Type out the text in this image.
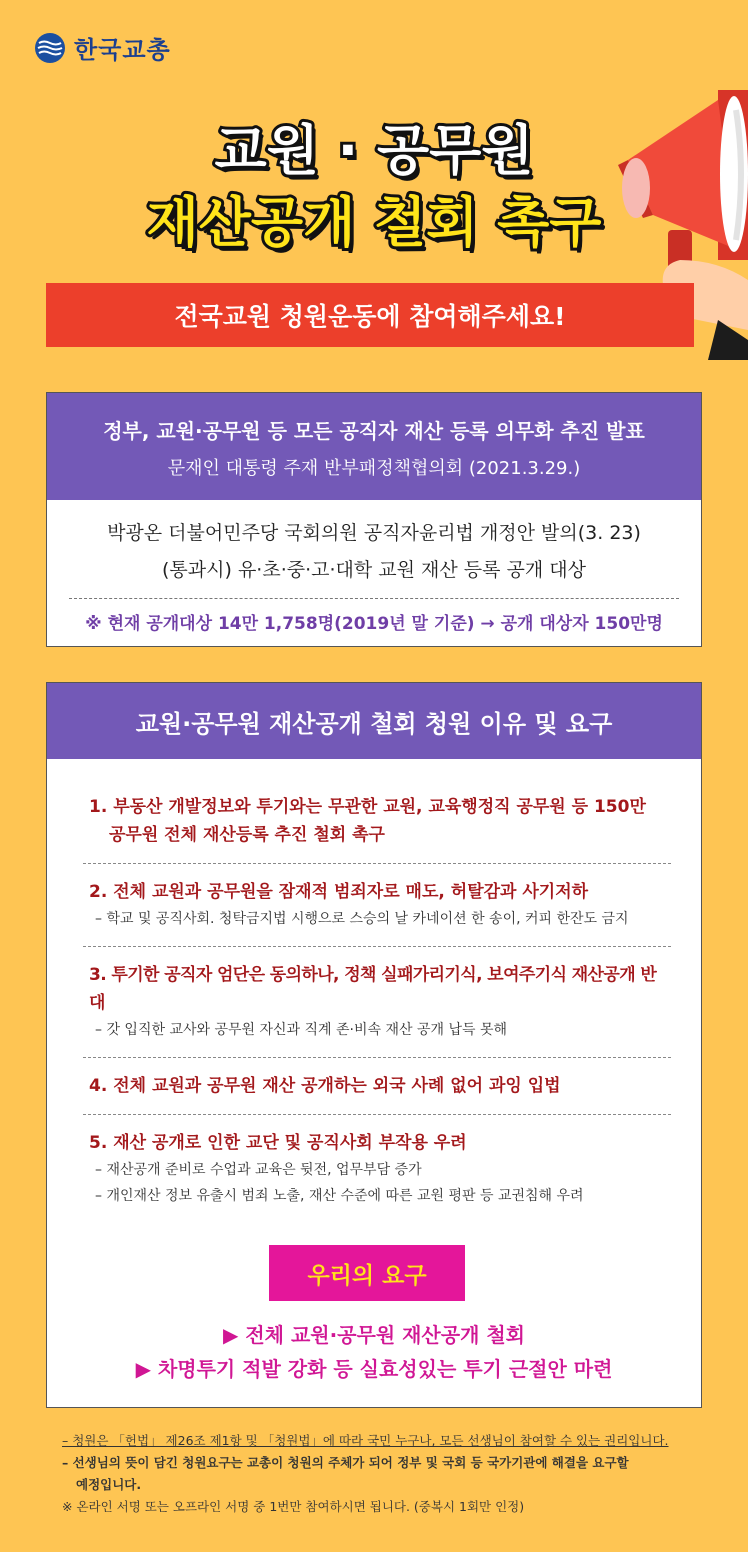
한국교총
교원 · 공무원
재산공개 철회 촉구
전국교원 청원운동에 참여해주세요!
정부, 교원·공무원 등 모든 공직자 재산 등록 의무화 추진 발표
문재인 대통령 주재 반부패정책협의회 (2021.3.29.)
박광온 더불어민주당 국회의원 공직자윤리법 개정안 발의(3. 23)
(통과시) 유·초·중·고·대학 교원 재산 등록 공개 대상
※ 현재 공개대상 14만 1,758명(2019년 말 기준) → 공개 대상자 150만명
교원·공무원 재산공개 철회 청원 이유 및 요구
1. 부동산 개발정보와 투기와는 무관한 교원, 교육행정직 공무원 등 150만
공무원 전체 재산등록 추진 철회 촉구
2. 전체 교원과 공무원을 잠재적 범죄자로 매도, 허탈감과 사기저하
– 학교 및 공직사회. 청탁금지법 시행으로 스승의 날 카네이션 한 송이, 커피 한잔도 금지
3. 투기한 공직자 엄단은 동의하나, 정책 실패가리기식, 보여주기식 재산공개 반대
– 갓 입직한 교사와 공무원 자신과 직계 존·비속 재산 공개 납득 못해
4. 전체 교원과 공무원 재산 공개하는 외국 사례 없어 과잉 입법
5. 재산 공개로 인한 교단 및 공직사회 부작용 우려
– 재산공개 준비로 수업과 교육은 뒷전, 업무부담 증가
– 개인재산 정보 유출시 범죄 노출, 재산 수준에 따른 교원 평판 등 교권침해 우려
우리의 요구
▶ 전체 교원·공무원 재산공개 철회
▶ 차명투기 적발 강화 등 실효성있는 투기 근절안 마련
– 청원은 「헌법」 제26조 제1항 및 「청원법」에 따라 국민 누구나, 모든 선생님이 참여할 수 있는 권리입니다.
– 선생님의 뜻이 담긴 청원요구는 교총이 청원의 주체가 되어 정부 및 국회 등 국가기관에 해결을 요구할
예정입니다.
※ 온라인 서명 또는 오프라인 서명 중 1번만 참여하시면 됩니다. (중복시 1회만 인정)
